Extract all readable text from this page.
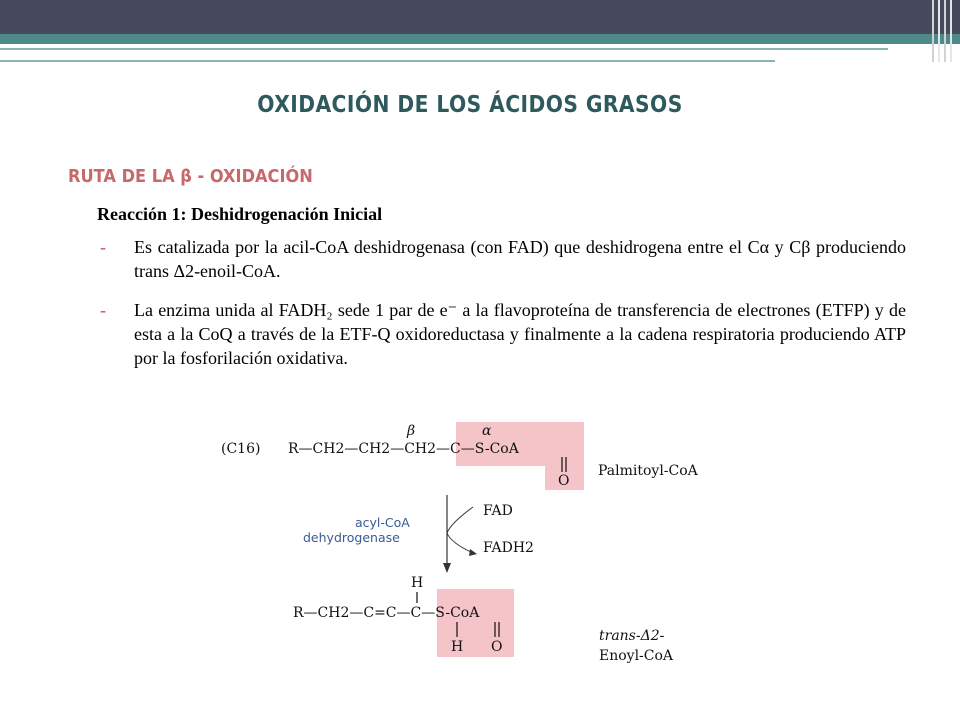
OXIDACIÓN DE LOS ÁCIDOS GRASOS
RUTA DE LA β - OXIDACIÓN
Reacción 1: Deshidrogenación Inicial
- Es catalizada por la acil-CoA deshidrogenasa (con FAD) que deshidrogena entre el Cα y Cβ produciendo trans Δ2-enoil-CoA.
- La enzima unida al FADH₂ sede 1 par de e⁻ a la flavoproteína de transferencia de electrones (ETFP) y de esta a la CoQ a través de la ETF-Q oxidoreductasa y finalmente a la cadena respiratoria produciendo ATP por la fosforilación oxidativa.
(C16) R—CH2—CH2—CH2—C—S-CoA
β	α
O
Palmitoyl-CoA
acyl-CoA
dehydrogenase
FAD
FADH2
H
R—CH2—C=C—C—S-CoA
H O
trans-Δ2-
Enoyl-CoA
